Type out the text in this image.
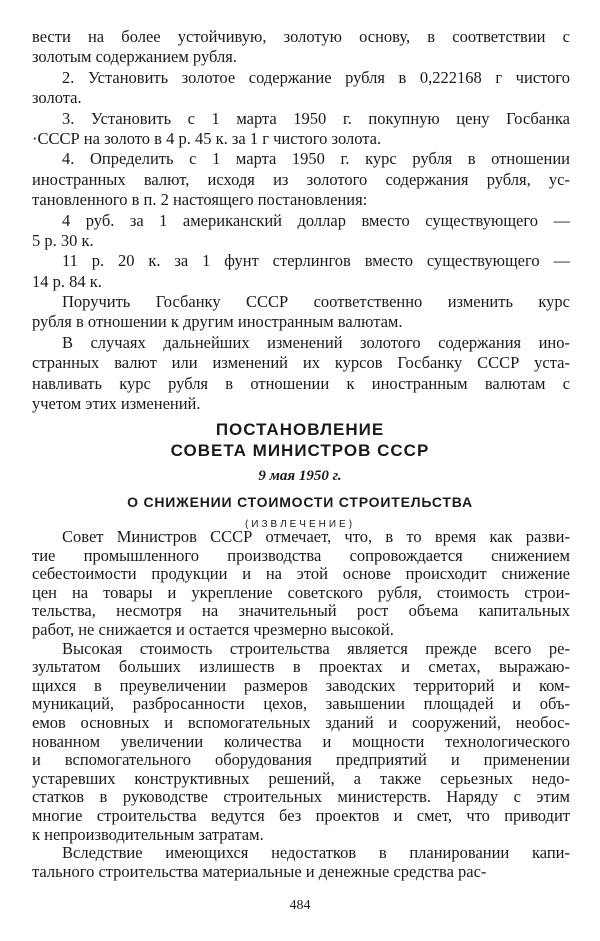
вести на более устойчивую, золотую основу, в соответствии с
золотым содержанием рубля.
2. Установить золотое содержание рубля в 0,222168 г чистого
золота.
3. Установить с 1 марта 1950 г. покупную цену Госбанка
·СССР на золото в 4 р. 45 к. за 1 г чистого золота.
4. Определить с 1 марта 1950 г. курс рубля в отношении
иностранных валют, исходя из золотого содержания рубля, ус-
тановленного в п. 2 настоящего постановления:
4 руб. за 1 американский доллар вместо существующего —
5 р. 30 к.
11 р. 20 к. за 1 фунт стерлингов вместо существующего —
14 р. 84 к.
Поручить Госбанку СССР соответственно изменить курс
рубля в отношении к другим иностранным валютам.
В случаях дальнейших изменений золотого содержания ино-
странных валют или изменений их курсов Госбанку СССР уста-
навливать курс рубля в отношении к иностранным валютам с
учетом этих изменений.
ПОСТАНОВЛЕНИЕ
СОВЕТА МИНИСТРОВ СССР
9 мая 1950 г.
О СНИЖЕНИИ СТОИМОСТИ СТРОИТЕЛЬСТВА
(ИЗВЛЕЧЕНИЕ)
Совет Министров СССР отмечает, что, в то время как разви-
тие промышленного производства сопровождается снижением
себестоимости продукции и на этой основе происходит снижение
цен на товары и укрепление советского рубля, стоимость строи-
тельства, несмотря на значительный рост объема капитальных
работ, не снижается и остается чрезмерно высокой.
Высокая стоимость строительства является прежде всего ре-
зультатом больших излишеств в проектах и сметах, выражаю-
щихся в преувеличении размеров заводских территорий и ком-
муникаций, разбросанности цехов, завышении площадей и объ-
емов основных и вспомогательных зданий и сооружений, необос-
нованном увеличении количества и мощности технологического
и вспомогательного оборудования предприятий и применении
устаревших конструктивных решений, а также серьезных недо-
статков в руководстве строительных министерств. Наряду с этим
многие строительства ведутся без проектов и смет, что приводит
к непроизводительным затратам.
Вследствие имеющихся недостатков в планировании капи-
тального строительства материальные и денежные средства рас-
484
